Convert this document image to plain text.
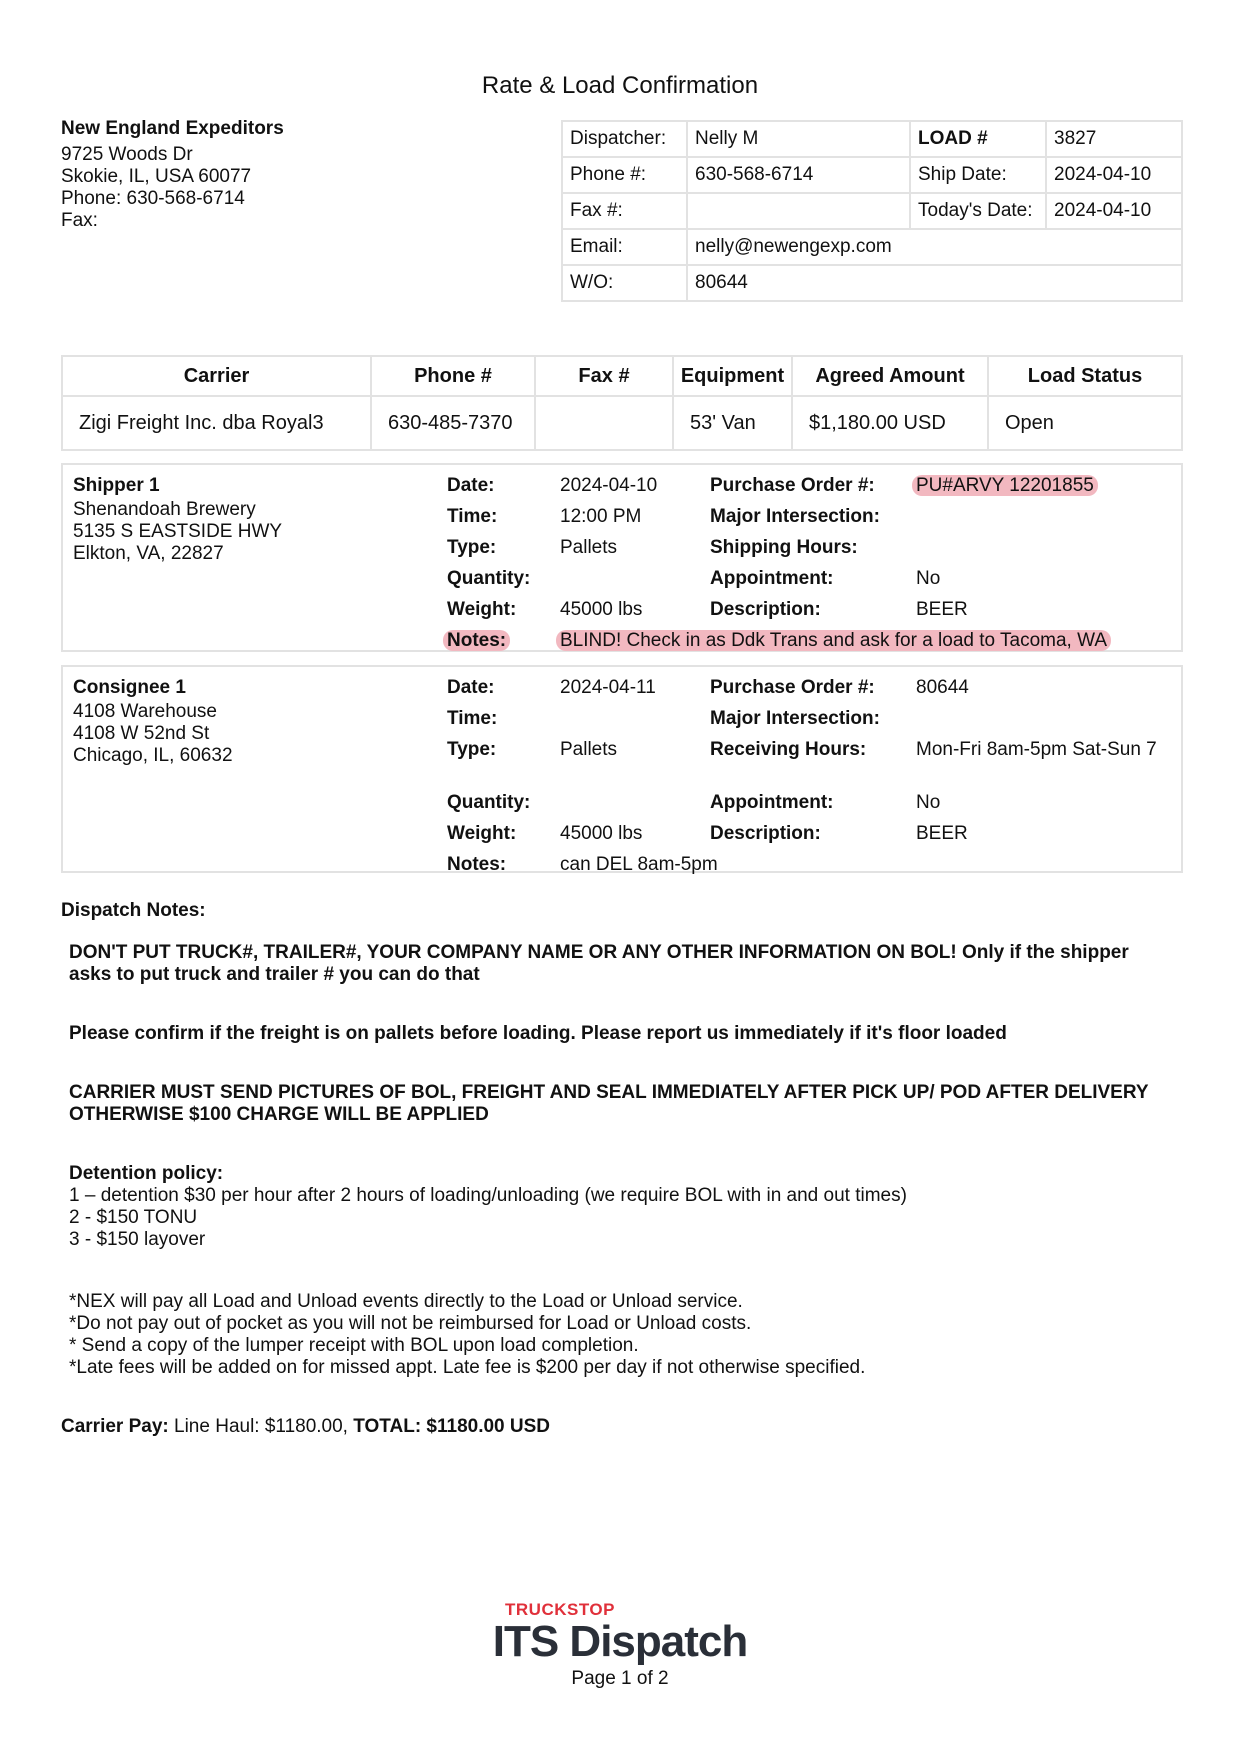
Rate & Load Confirmation
New England Expeditors
9725 Woods Dr
Skokie, IL, USA 60077
Phone: 630-568-6714
Fax:
Dispatcher:	Nelly M	LOAD #	3827
Phone #:	630-568-6714	Ship Date:	2024-04-10
Fax #:		Today's Date:	2024-04-10
Email:	nelly@newengexp.com		
W/O:	80644		
Carrier	Phone #	Fax #	Equipment	Agreed Amount	Load Status
Zigi Freight Inc. dba Royal3	630-485-7370		53' Van	$1,180.00 USD	Open
Shipper 1
Shenandoah Brewery
5135 S EASTSIDE HWY
Elkton, VA, 22827
Date:	2024-04-10	Purchase Order #:	PU#ARVY 12201855
Time:	12:00 PM	Major Intersection:	
Type:	Pallets	Shipping Hours:	
Quantity:		Appointment:	No
Weight:	45000 lbs	Description:	BEER
Notes:	BLIND! Check in as Ddk Trans and ask for a load to Tacoma, WA		
Consignee 1
4108 Warehouse
4108 W 52nd St
Chicago, IL, 60632
Date:	2024-04-11	Purchase Order #:	80644
Time:		Major Intersection:	
Type:	Pallets	Receiving Hours:	Mon-Fri 8am-5pm Sat-Sun 7
Quantity:		Appointment:	No
Weight:	45000 lbs	Description:	BEER
Notes:	can DEL 8am-5pm		
Dispatch Notes:

DON'T PUT TRUCK#, TRAILER#, YOUR COMPANY NAME OR ANY OTHER INFORMATION ON BOL! Only if the shipper asks to put truck and trailer # you can do that

Please confirm if the freight is on pallets before loading. Please report us immediately if it's floor loaded

CARRIER MUST SEND PICTURES OF BOL, FREIGHT AND SEAL IMMEDIATELY AFTER PICK UP/ POD AFTER DELIVERY OTHERWISE $100 CHARGE WILL BE APPLIED

Detention policy:
1 – detention $30 per hour after 2 hours of loading/unloading (we require BOL with in and out times)
2 - $150 TONU
3 - $150 layover
*NEX will pay all Load and Unload events directly to the Load or Unload service.
*Do not pay out of pocket as you will not be reimbursed for Load or Unload costs.
* Send a copy of the lumper receipt with BOL upon load completion.
*Late fees will be added on for missed appt. Late fee is $200 per day if not otherwise specified.
Carrier Pay: Line Haul: $1180.00, TOTAL: $1180.00 USD
TRUCKSTOP
ITS Dispatch
Page 1 of 2
